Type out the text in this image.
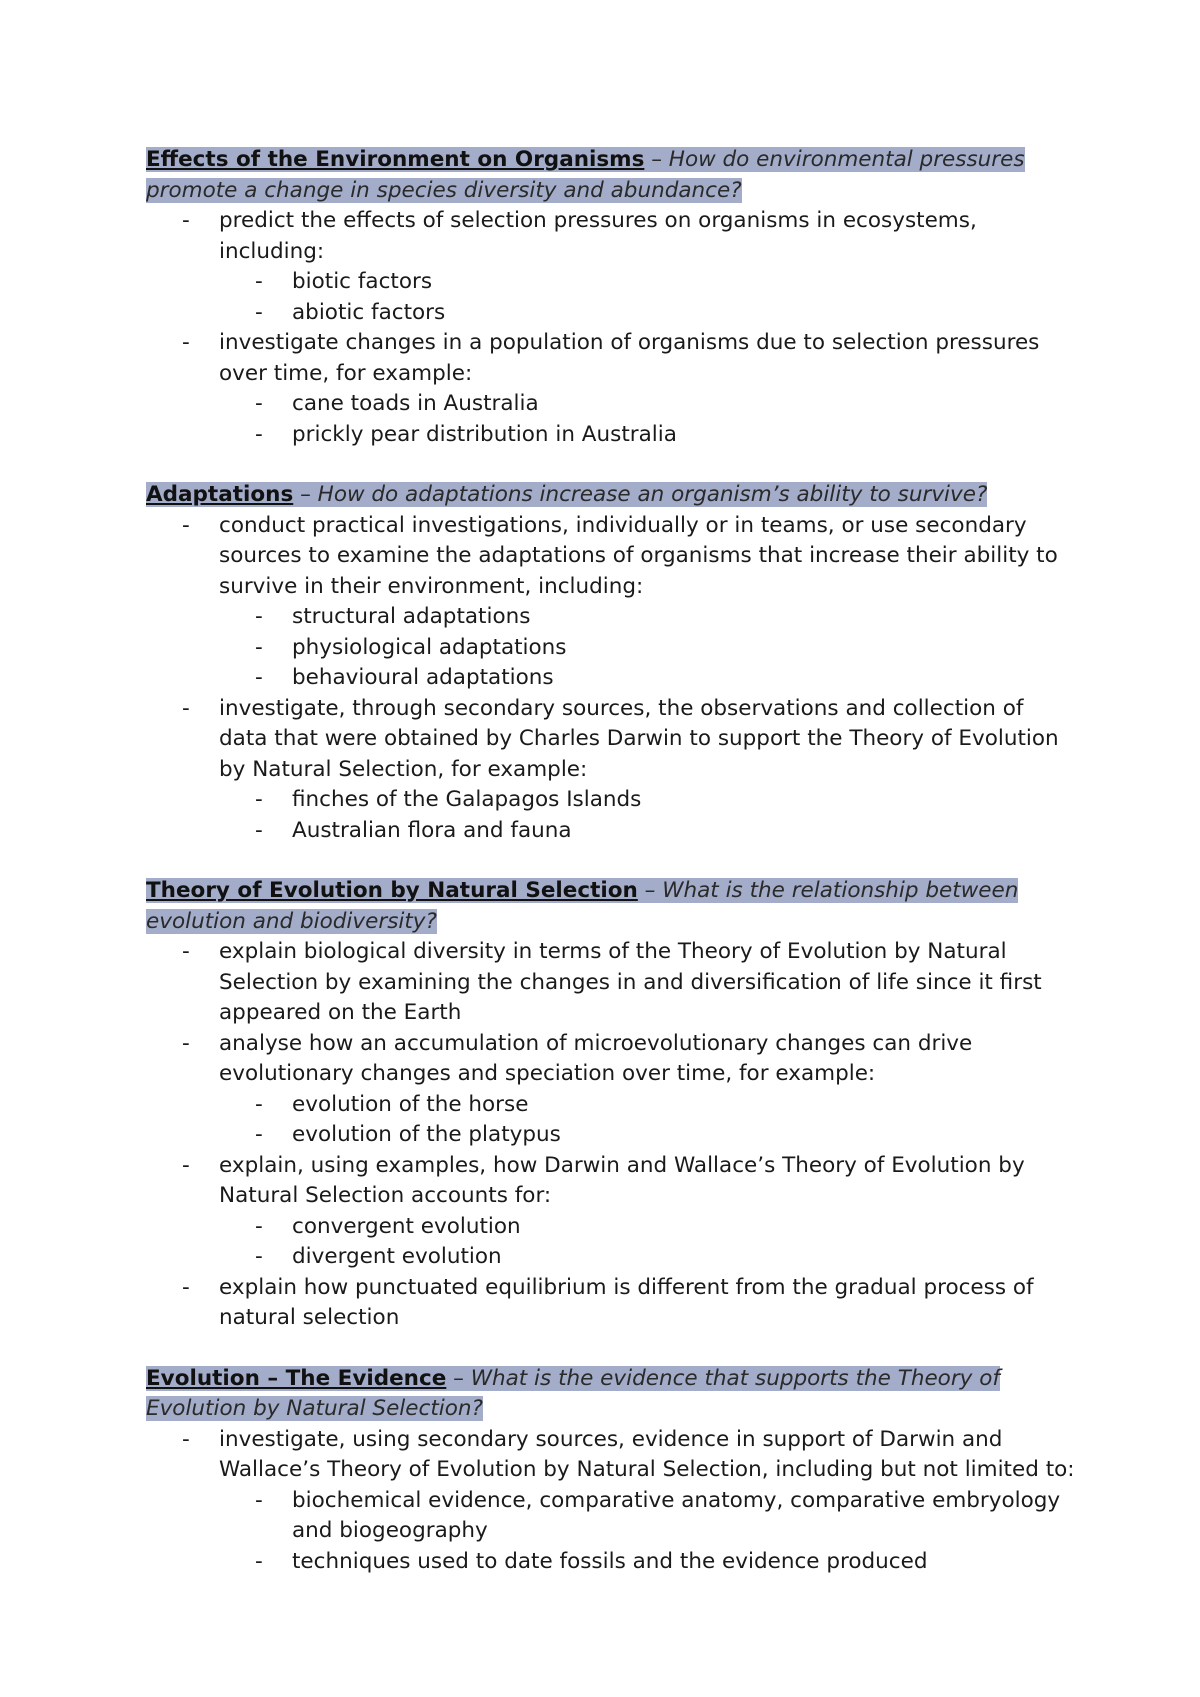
Effects of the Environment on Organisms – How do environmental pressures promote a change in species diversity and abundance?

- predict the effects of selection pressures on organisms in ecosystems, including:
- biotic factors
- abiotic factors
- investigate changes in a population of organisms due to selection pressures over time, for example:
- cane toads in Australia
- prickly pear distribution in Australia

Adaptations – How do adaptations increase an organism’s ability to survive?

- conduct practical investigations, individually or in teams, or use secondary sources to examine the adaptations of organisms that increase their ability to survive in their environment, including:
- structural adaptations
- physiological adaptations
- behavioural adaptations
- investigate, through secondary sources, the observations and collection of data that were obtained by Charles Darwin to support the Theory of Evolution by Natural Selection, for example:
- finches of the Galapagos Islands
- Australian flora and fauna

Theory of Evolution by Natural Selection – What is the relationship between evolution and biodiversity?

- explain biological diversity in terms of the Theory of Evolution by Natural Selection by examining the changes in and diversification of life since it first appeared on the Earth
- analyse how an accumulation of microevolutionary changes can drive evolutionary changes and speciation over time, for example:
- evolution of the horse
- evolution of the platypus
- explain, using examples, how Darwin and Wallace’s Theory of Evolution by Natural Selection accounts for:
- convergent evolution
- divergent evolution
- explain how punctuated equilibrium is different from the gradual process of natural selection

Evolution – The Evidence – What is the evidence that supports the Theory of Evolution by Natural Selection?

- investigate, using secondary sources, evidence in support of Darwin and Wallace’s Theory of Evolution by Natural Selection, including but not limited to:
- biochemical evidence, comparative anatomy, comparative embryology and biogeography
- techniques used to date fossils and the evidence produced
